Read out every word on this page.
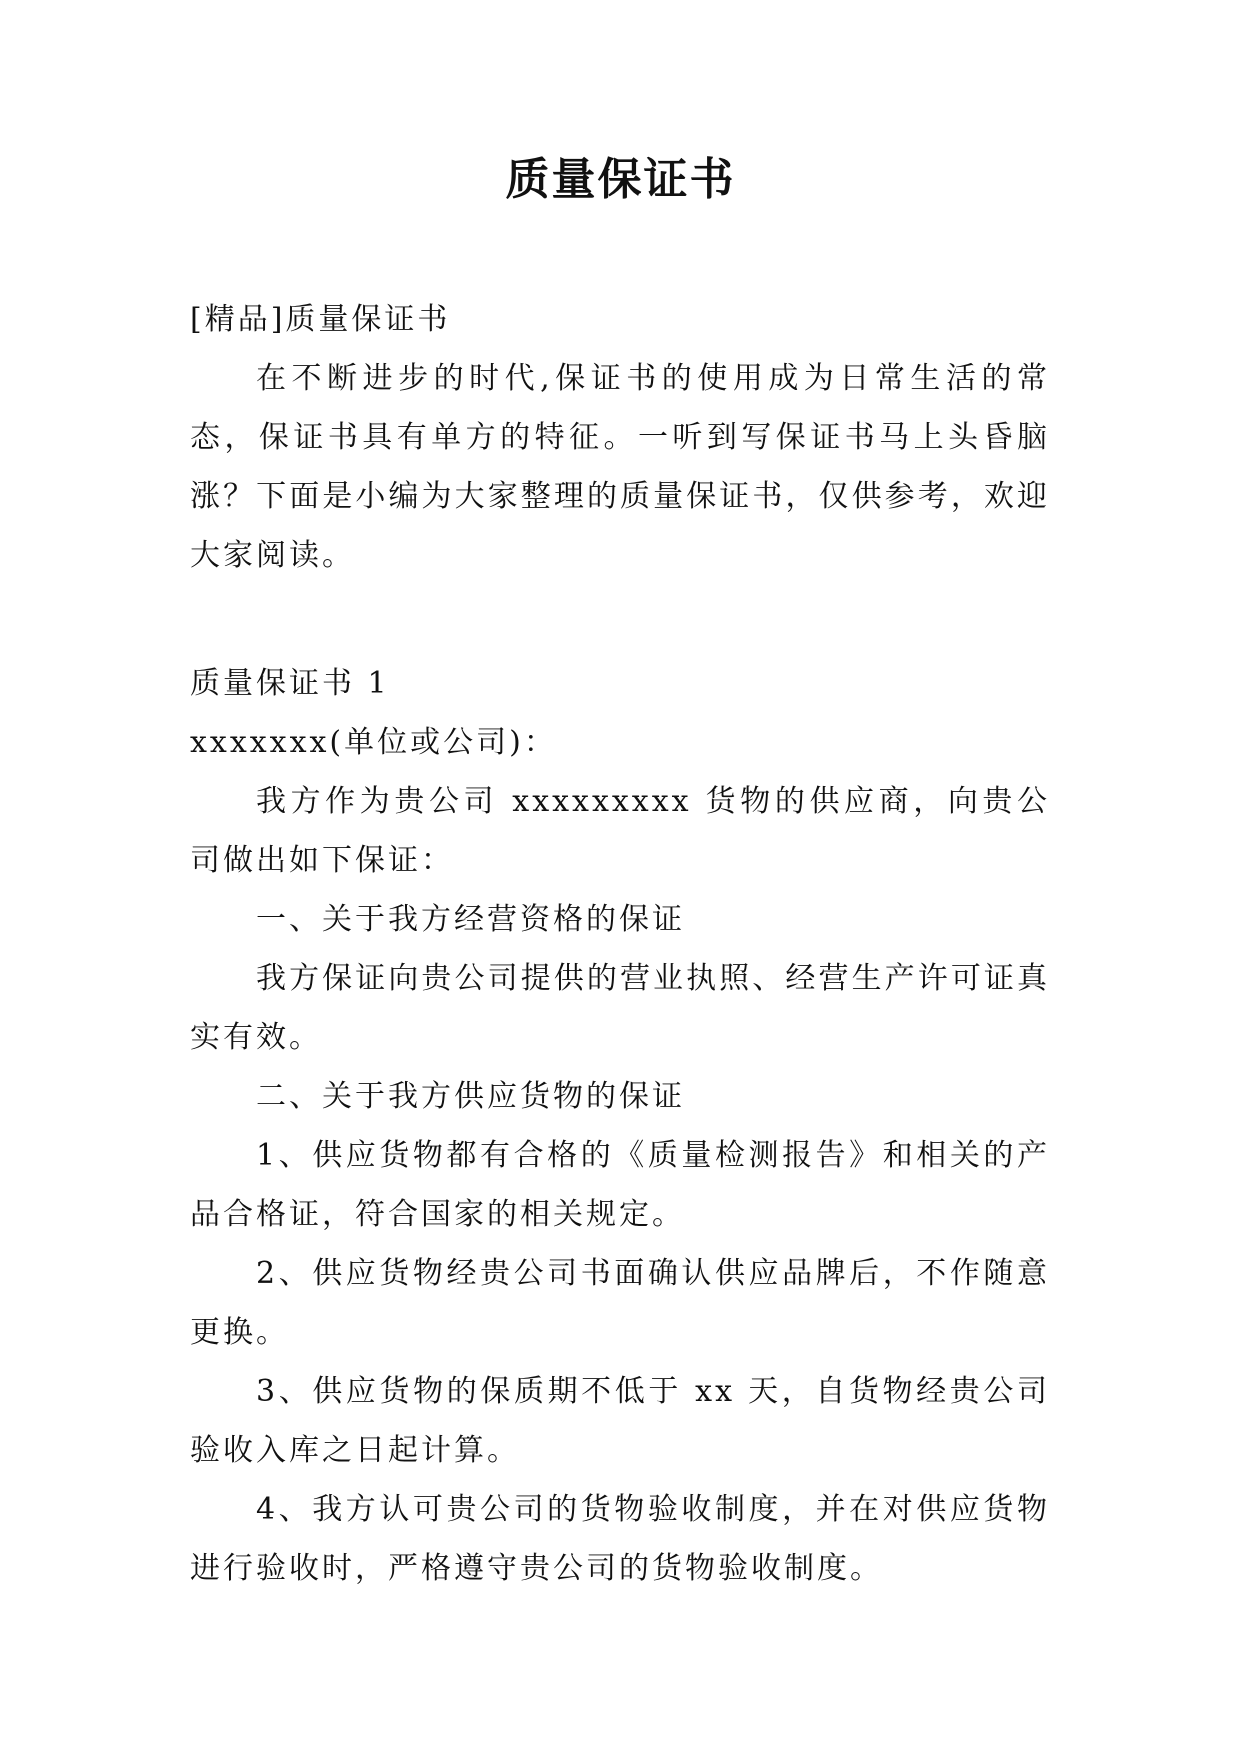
质量保证书

[精品]质量保证书

在不断进步的时代,保证书的使用成为日常生活的常态，保证书具有单方的特征。一听到写保证书马上头昏脑涨？下面是小编为大家整理的质量保证书，仅供参考，欢迎大家阅读。

质量保证书 1

xxxxxxx(单位或公司)：

我方作为贵公司 xxxxxxxxx 货物的供应商，向贵公司做出如下保证：

一、关于我方经营资格的保证

我方保证向贵公司提供的营业执照、经营生产许可证真实有效。

二、关于我方供应货物的保证

1、供应货物都有合格的《质量检测报告》和相关的产品合格证，符合国家的相关规定。

2、供应货物经贵公司书面确认供应品牌后，不作随意更换。

3、供应货物的保质期不低于 xx 天，自货物经贵公司验收入库之日起计算。

4、我方认可贵公司的货物验收制度，并在对供应货物进行验收时，严格遵守贵公司的货物验收制度。
